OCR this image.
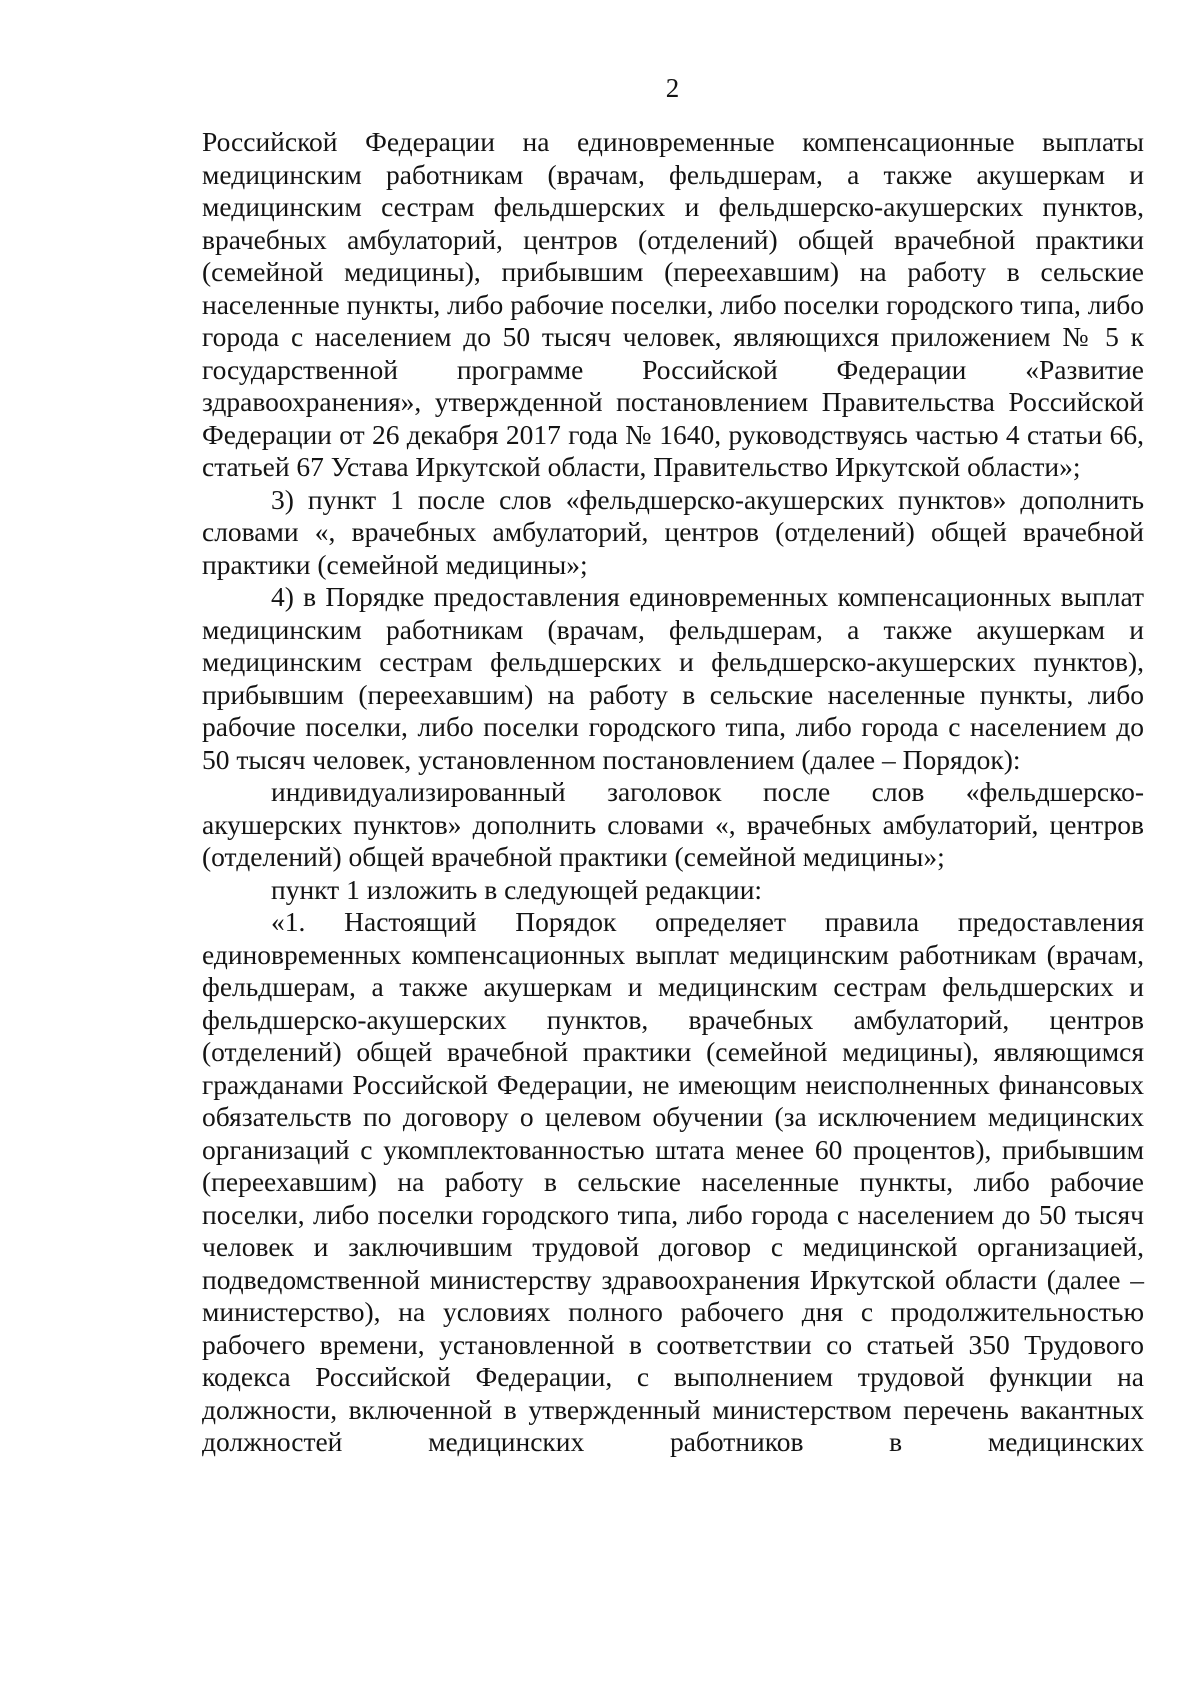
2

Российской Федерации на единовременные компенсационные выплаты медицинским работникам (врачам, фельдшерам, а также акушеркам и медицинским сестрам фельдшерских и фельдшерско-акушерских пунктов, врачебных амбулаторий, центров (отделений) общей врачебной практики (семейной медицины), прибывшим (переехавшим) на работу в сельские населенные пункты, либо рабочие поселки, либо поселки городского типа, либо города с населением до 50 тысяч человек, являющихся приложением № 5 к государственной программе Российской Федерации «Развитие здравоохранения», утвержденной постановлением Правительства Российской Федерации от 26 декабря 2017 года № 1640, руководствуясь частью 4 статьи 66, статьей 67 Устава Иркутской области, Правительство Иркутской области»;

3) пункт 1 после слов «фельдшерско-акушерских пунктов» дополнить словами «, врачебных амбулаторий, центров (отделений) общей врачебной практики (семейной медицины»;

4) в Порядке предоставления единовременных компенсационных выплат медицинским работникам (врачам, фельдшерам, а также акушеркам и медицинским сестрам фельдшерских и фельдшерско-акушерских пунктов), прибывшим (переехавшим) на работу в сельские населенные пункты, либо рабочие поселки, либо поселки городского типа, либо города с населением до 50 тысяч человек, установленном постановлением (далее – Порядок):

индивидуализированный заголовок после слов «фельдшерско-акушерских пунктов» дополнить словами «, врачебных амбулаторий, центров (отделений) общей врачебной практики (семейной медицины»;

пункт 1 изложить в следующей редакции:

«1. Настоящий Порядок определяет правила предоставления единовременных компенсационных выплат медицинским работникам (врачам, фельдшерам, а также акушеркам и медицинским сестрам фельдшерских и фельдшерско-акушерских пунктов, врачебных амбулаторий, центров (отделений) общей врачебной практики (семейной медицины), являющимся гражданами Российской Федерации, не имеющим неисполненных финансовых обязательств по договору о целевом обучении (за исключением медицинских организаций с укомплектованностью штата менее 60 процентов), прибывшим (переехавшим) на работу в сельские населенные пункты, либо рабочие поселки, либо поселки городского типа, либо города с населением до 50 тысяч человек и заключившим трудовой договор с медицинской организацией, подведомственной министерству здравоохранения Иркутской области (далее – министерство), на условиях полного рабочего дня с продолжительностью рабочего времени, установленной в соответствии со статьей 350 Трудового кодекса Российской Федерации, с выполнением трудовой функции на должности, включенной в утвержденный министерством перечень вакантных должностей медицинских работников в медицинских
